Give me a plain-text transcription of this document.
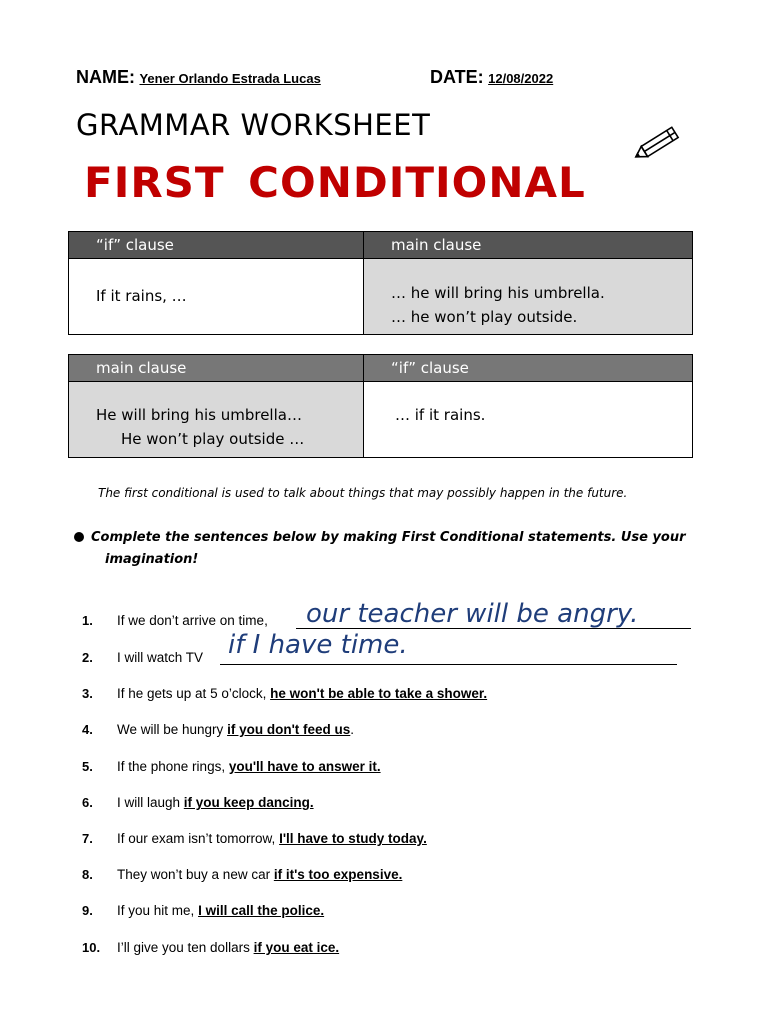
NAME: Yener Orlando Estrada Lucas	DATE: 12/08/2022
GRAMMAR WORKSHEET
FIRST CONDITIONAL
“if” clause	main clause

If it rains, …	… he will bring his umbrella.
… he won’t play outside.
main clause	“if” clause

He will bring his umbrella…
He won’t play outside …	… if it rains.
The first conditional is used to talk about things that may possibly happen in the future.
Complete the sentences below by making First Conditional statements. Use your
imagination!
1. If we don’t arrive on time, our teacher will be angry.
2. I will watch TV if I have time.
3. If he gets up at 5 o’clock, he won't be able to take a shower.
4. We will be hungry if you don't feed us.
5. If the phone rings, you'll have to answer it.
6. I will laugh if you keep dancing.
7. If our exam isn’t tomorrow, I'll have to study today.
8. They won’t buy a new car if it's too expensive.
9. If you hit me, I will call the police.
10. I’ll give you ten dollars if you eat ice.
